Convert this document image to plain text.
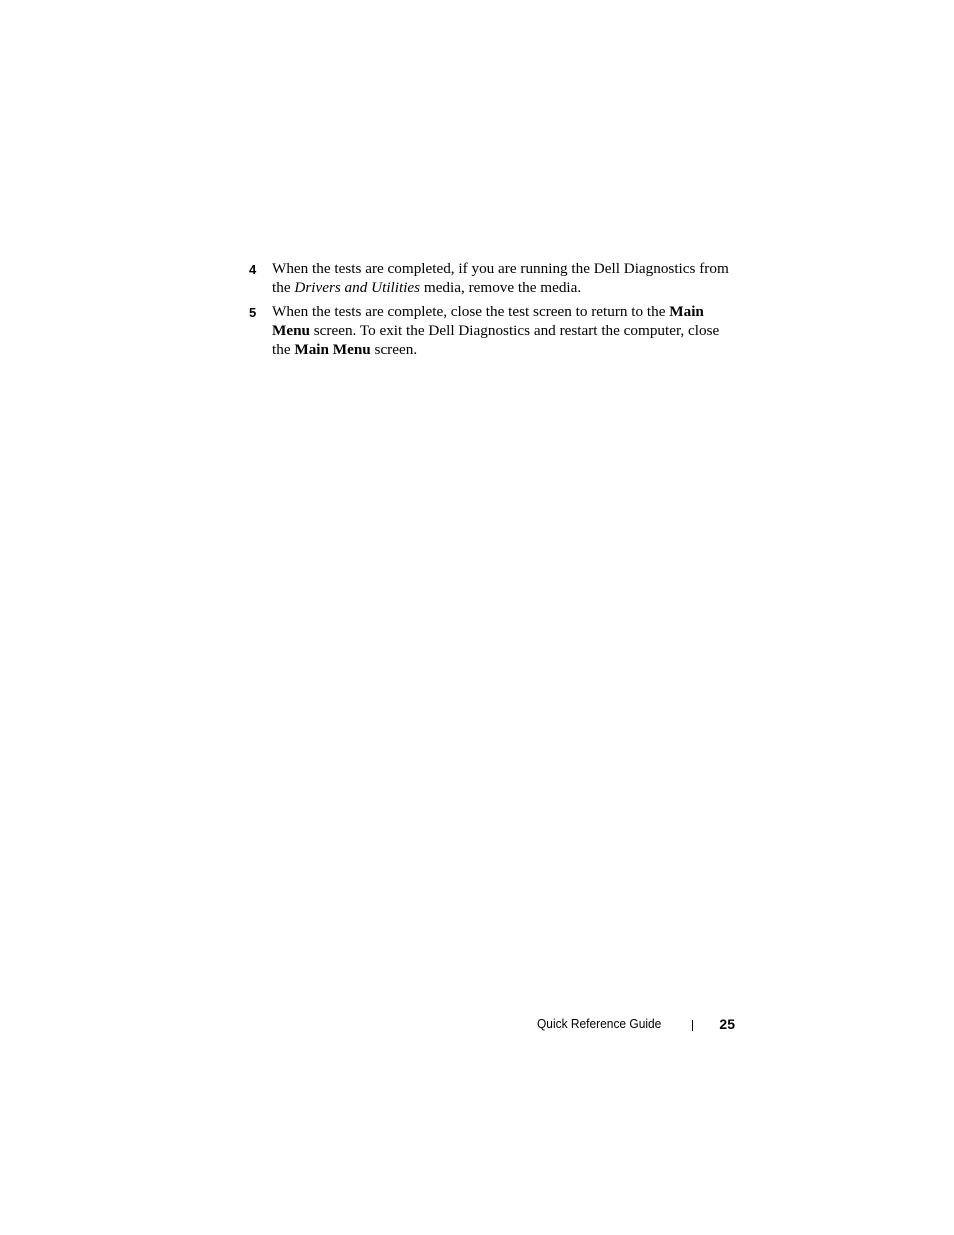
4	When the tests are completed, if you are running the Dell Diagnostics from the Drivers and Utilities media, remove the media.
5	When the tests are complete, close the test screen to return to the Main Menu screen. To exit the Dell Diagnostics and restart the computer, close the Main Menu screen.
Quick Reference Guide	25
